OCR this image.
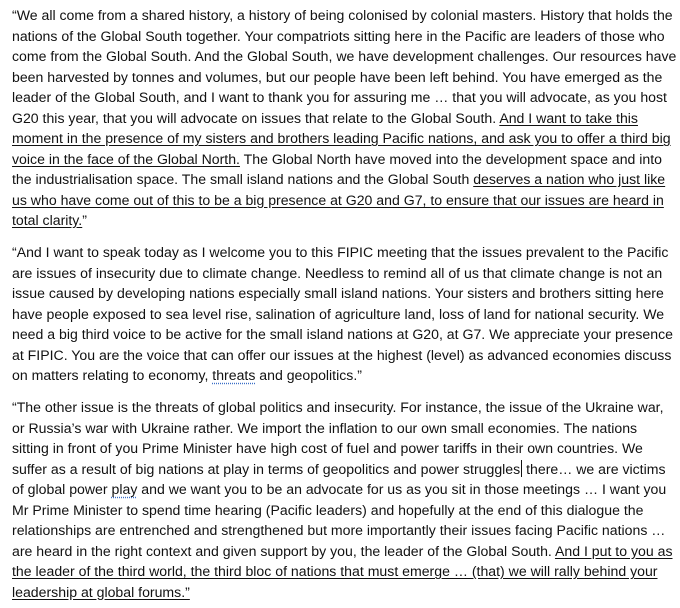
“We all come from a shared history, a history of being colonised by colonial masters. History that holds the nations of the Global South together. Your compatriots sitting here in the Pacific are leaders of those who come from the Global South. And the Global South, we have development challenges. Our resources have been harvested by tonnes and volumes, but our people have been left behind. You have emerged as the leader of the Global South, and I want to thank you for assuring me … that you will advocate, as you host G20 this year, that you will advocate on issues that relate to the Global South. And I want to take this moment in the presence of my sisters and brothers leading Pacific nations, and ask you to offer a third big voice in the face of the Global North. The Global North have moved into the development space and into the industrialisation space. The small island nations and the Global South deserves a nation who just like us who have come out of this to be a big presence at G20 and G7, to ensure that our issues are heard in total clarity.”

“And I want to speak today as I welcome you to this FIPIC meeting that the issues prevalent to the Pacific are issues of insecurity due to climate change. Needless to remind all of us that climate change is not an issue caused by developing nations especially small island nations. Your sisters and brothers sitting here have people exposed to sea level rise, salination of agriculture land, loss of land for national security. We need a big third voice to be active for the small island nations at G20, at G7. We appreciate your presence at FIPIC. You are the voice that can offer our issues at the highest (level) as advanced economies discuss on matters relating to economy, threats and geopolitics.”

“The other issue is the threats of global politics and insecurity. For instance, the issue of the Ukraine war, or Russia’s war with Ukraine rather. We import the inflation to our own small economies. The nations sitting in front of you Prime Minister have high cost of fuel and power tariffs in their own countries. We suffer as a result of big nations at play in terms of geopolitics and power struggles there… we are victims of global power play and we want you to be an advocate for us as you sit in those meetings … I want you Mr Prime Minister to spend time hearing (Pacific leaders) and hopefully at the end of this dialogue the relationships are entrenched and strengthened but more importantly their issues facing Pacific nations … are heard in the right context and given support by you, the leader of the Global South. And I put to you as the leader of the third world, the third bloc of nations that must emerge … (that) we will rally behind your leadership at global forums.”
